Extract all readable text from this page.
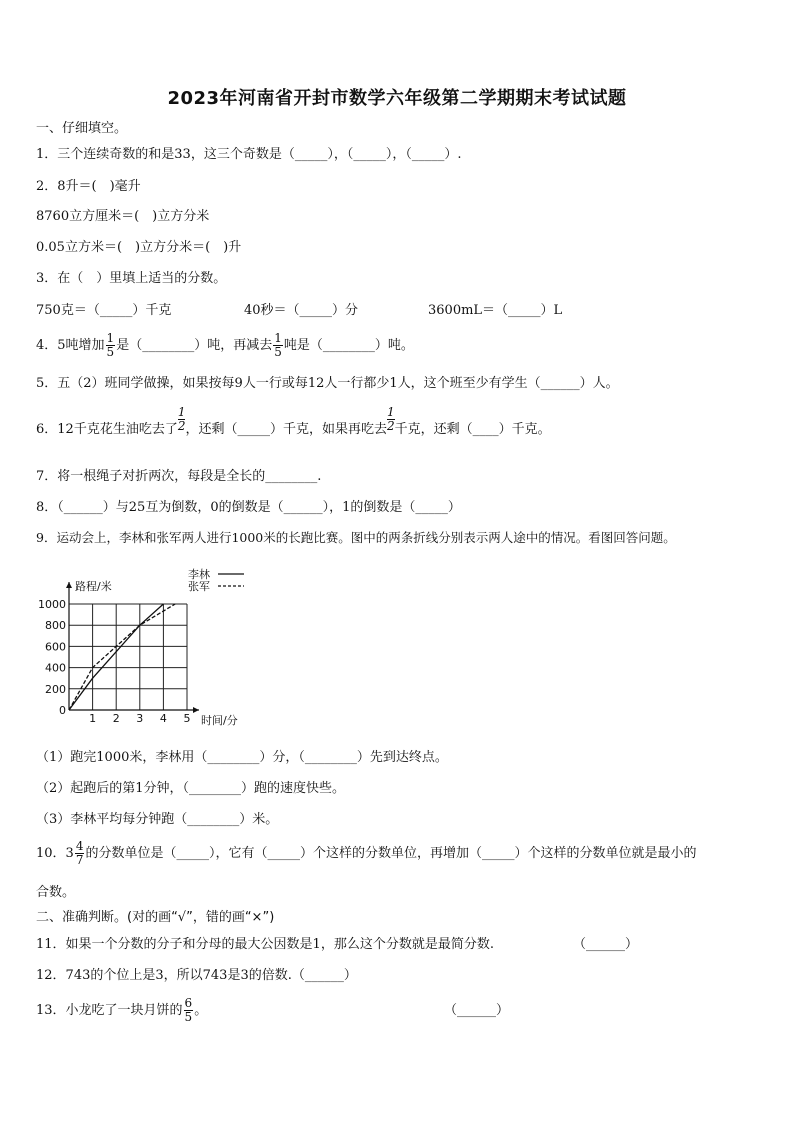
2023年河南省开封市数学六年级第二学期期末考试试题
一、仔细填空。
1．三个连续奇数的和是33，这三个奇数是（_____），（_____），（_____）.
2．8升＝(　)毫升
8760立方厘米＝(　)立方分米
0.05立方米＝(　)立方分米＝(　)升
3．在（　）里填上适当的分数。
750克＝（_____）千克	40秒＝（_____）分	3600mL＝（_____）L
4．5吨增加 $\frac{1}{5}$ 是（________）吨，再减去 $\frac{1}{5}$ 吨是（________）吨。
5．五（2）班同学做操，如果按每9人一行或每12人一行都少1人，这个班至少有学生（______）人。
6．12千克花生油吃去了 $\frac{1}{2}$ ，还剩（_____）千克，如果再吃去 $\frac{1}{2}$ 千克，还剩（____）千克。
7．将一根绳子对折两次，每段是全长的________.
8．（______）与25互为倒数，0的倒数是（______），1的倒数是（_____）
9．运动会上，李林和张军两人进行1000米的长跑比赛。图中的两条折线分别表示两人途中的情况。看图回答问题。
1 2 3 4 5
0
200
400
600
800
1000
路程/米
时间/分
李林
张军
（1）跑完1000米，李林用（________）分，（________）先到达终点。
（2）起跑后的第1分钟，（________）跑的速度快些。
（3）李林平均每分钟跑（________）米。
10．$3 \frac{4}{7}$ 的分数单位是（_____），它有（_____）个这样的分数单位，再增加（_____）个这样的分数单位就是最小的
合数。
二、准确判断。(对的画“√”，错的画“×”)
11．如果一个分数的分子和分母的最大公因数是1，那么这个分数就是最简分数.	（______）
12．743的个位上是3，所以743是3的倍数.（______）
13．小龙吃了一块月饼的 $\frac{6}{5}$ 。	（______）
